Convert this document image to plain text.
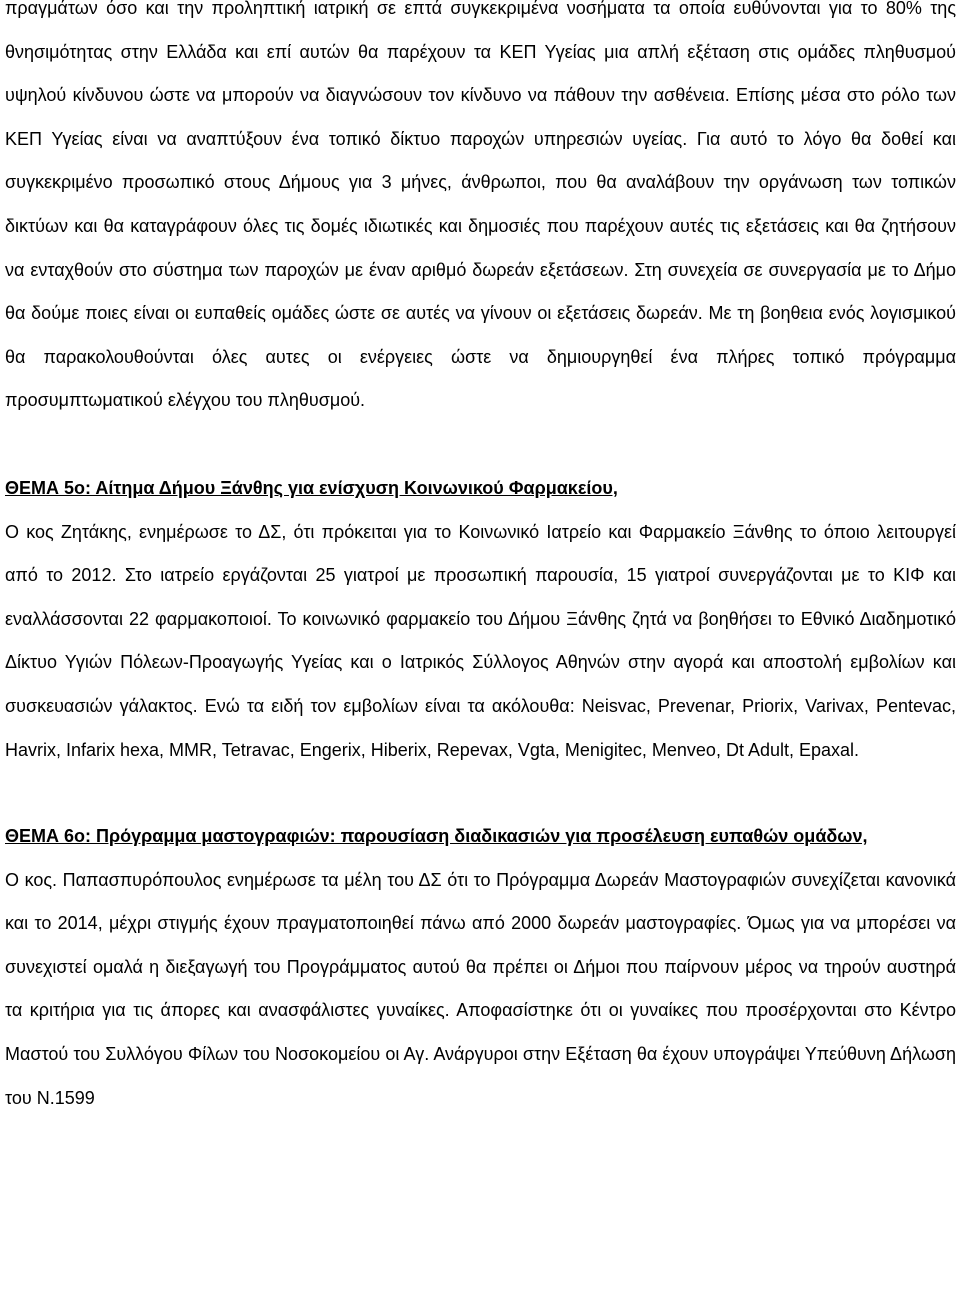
πραγμάτων όσο και την προληπτική ιατρική σε επτά συγκεκριμένα νοσήματα τα οποία ευθύνονται για το 80% της θνησιμότητας στην Ελλάδα και επί αυτών θα παρέχουν τα ΚΕΠ Υγείας μια απλή εξέταση στις ομάδες πληθυσμού υψηλού κίνδυνου ώστε να μπορούν να διαγνώσουν τον κίνδυνο να πάθουν την ασθένεια. Επίσης μέσα στο ρόλο των ΚΕΠ Υγείας είναι να αναπτύξουν ένα τοπικό δίκτυο παροχών υπηρεσιών υγείας. Για αυτό το λόγο θα δοθεί και συγκεκριμένο προσωπικό στους Δήμους για 3 μήνες, άνθρωποι, που θα αναλάβουν την οργάνωση των τοπικών δικτύων και θα καταγράφουν όλες τις δομές ιδιωτικές και δημοσιές που παρέχουν αυτές τις εξετάσεις και θα ζητήσουν να ενταχθούν στο σύστημα των παροχών με έναν αριθμό δωρεάν εξετάσεων. Στη συνεχεία σε συνεργασία με το Δήμο θα δούμε ποιες είναι οι ευπαθείς ομάδες ώστε σε αυτές να γίνουν οι εξετάσεις δωρεάν. Με τη βοηθεια ενός λογισμικού θα παρακολουθούνται όλες αυτες οι ενέργειες ώστε να δημιουργηθεί ένα πλήρες τοπικό πρόγραμμα προσυμπτωματικού ελέγχου του πληθυσμού.

ΘΕΜΑ 5ο: Αίτημα Δήμου Ξάνθης για ενίσχυση Κοινωνικού Φαρμακείου,

Ο κος Ζητάκης, ενημέρωσε το ΔΣ, ότι πρόκειται για το Κοινωνικό Ιατρείο και Φαρμακείο Ξάνθης το όποιο λειτουργεί από το 2012. Στο ιατρείο εργάζονται 25 γιατροί με προσωπική παρουσία, 15 γιατροί συνεργάζονται με το ΚΙΦ και εναλλάσσονται 22 φαρμακοποιοί. Το κοινωνικό φαρμακείο του Δήμου Ξάνθης ζητά να βοηθήσει το Εθνικό Διαδημοτικό Δίκτυο Υγιών Πόλεων-Προαγωγής Υγείας και ο Ιατρικός Σύλλογος Αθηνών στην αγορά και αποστολή εμβολίων και συσκευασιών γάλακτος. Ενώ τα ειδή τον εμβολίων είναι τα ακόλουθα: Neisvac, Prevenar, Priorix, Varivax, Pentevac, Havrix, Infarix hexa, MMR, Tetravac, Engerix, Hiberix, Repevax, Vgta, Menigitec, Menveo, Dt Adult, Epaxal.

ΘΕΜΑ 6ο: Πρόγραμμα μαστογραφιών: παρουσίαση διαδικασιών για προσέλευση ευπαθών ομάδων,

Ο κος. Παπασπυρόπουλος ενημέρωσε τα μέλη του ΔΣ ότι το Πρόγραμμα Δωρεάν Μαστογραφιών συνεχίζεται κανονικά και το 2014, μέχρι στιγμής έχουν πραγματοποιηθεί πάνω από 2000 δωρεάν μαστογραφίες. Όμως για να μπορέσει να συνεχιστεί ομαλά η διεξαγωγή του Προγράμματος αυτού θα πρέπει οι Δήμοι που παίρνουν μέρος να τηρούν αυστηρά τα κριτήρια για τις άπορες και ανασφάλιστες γυναίκες. Αποφασίστηκε ότι οι γυναίκες που προσέρχονται στο Κέντρο Μαστού του Συλλόγου Φίλων του Νοσοκομείου οι Αγ. Ανάργυροι στην Εξέταση θα έχουν υπογράψει Υπεύθυνη Δήλωση του Ν.1599
